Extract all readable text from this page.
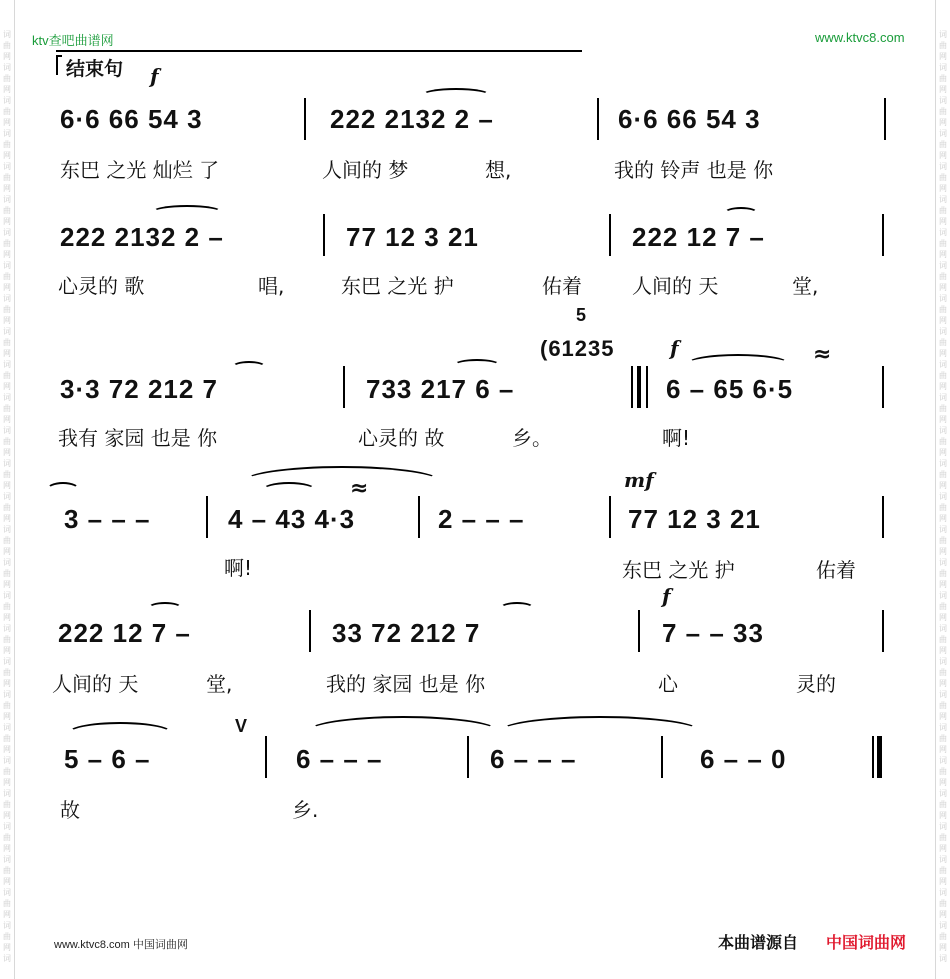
词
曲
网
词
曲
网
词
曲
网
词
曲
网
词
曲
网
词
曲
网
词
曲
网
词
曲
网
词
曲
网
词
曲
网
词
曲
网
词
曲
网
词
曲
网
词
曲
网
词
曲
网
词
曲
网
词
曲
网
词
曲
网
词
曲
网
词
曲
网
词
曲
网
词
曲
网
词
曲
网
词
曲
网
词
曲
网
词
曲
网
词
曲
网
词
曲
网
词
词
曲
网
词
曲
网
词
曲
网
词
曲
网
词
曲
网
词
曲
网
词
曲
网
词
曲
网
词
曲
网
词
曲
网
词
曲
网
词
曲
网
词
曲
网
词
曲
网
词
曲
网
词
曲
网
词
曲
网
词
曲
网
词
曲
网
词
曲
网
词
曲
网
词
曲
网
词
曲
网
词
曲
网
词
曲
网
词
曲
网
词
曲
网
词
曲
网
词
ktv查吧曲谱网	www.ktvc8.com
结束句 f
6·6 66 54 3	222 2132 2 –	6·6 66 54 3
东巴 之光 灿烂 了	人间的 梦	想,	我的 铃声 也是 你
222 2132 2 –	77 12 3 21	222 12 7 –
心灵的 歌	唱,	东巴 之光 护	佑着	人间的 天	堂,
5
(61235	f	≈
3·3 72 212 7	733 217 6 –	6 – 65 6·5
我有 家园 也是 你	心灵的 故	乡。	啊!
≈	mf
3 – – –	4 – 43 4·3	2 – – –	77 12 3 21
啊!	东巴 之光 护	佑着
f
222 12 7 –	33 72 212 7	7 – – 33
人间的 天	堂,	我的 家园 也是 你	心	灵的
V
5 – 6 –	6 – – –	6 – – –	6 – – 0
故	乡.
www.ktvc8.com 中国词曲网	本曲谱源自 中国词曲网
